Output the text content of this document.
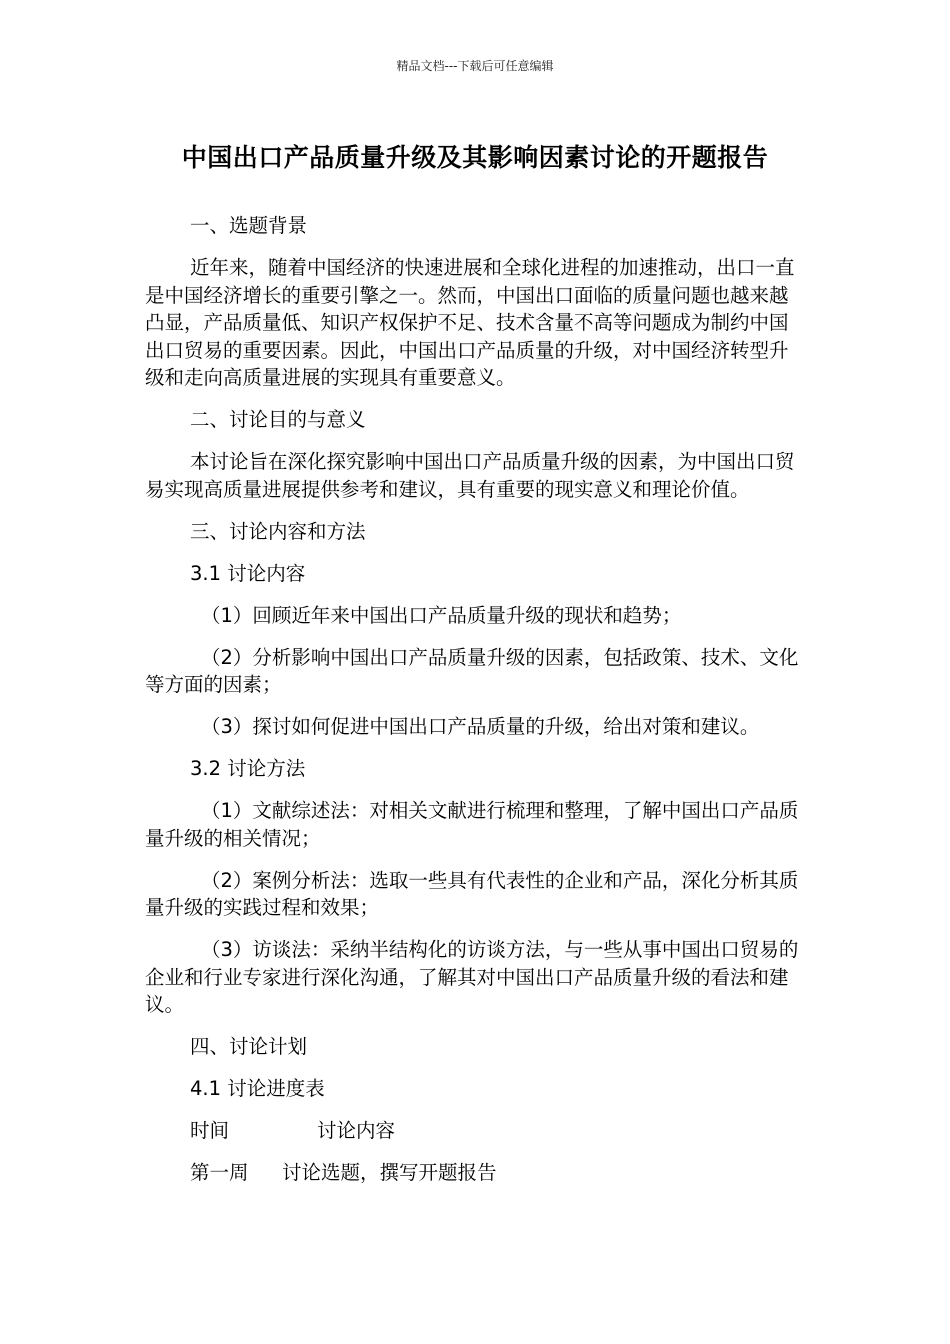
精品文档---下载后可任意编辑
中国出口产品质量升级及其影响因素讨论的开题报告

一、选题背景

近年来，随着中国经济的快速进展和全球化进程的加速推动，出口一直是中国经济增长的重要引擎之一。然而，中国出口面临的质量问题也越来越凸显，产品质量低、知识产权保护不足、技术含量不高等问题成为制约中国出口贸易的重要因素。因此，中国出口产品质量的升级，对中国经济转型升级和走向高质量进展的实现具有重要意义。

二、讨论目的与意义

本讨论旨在深化探究影响中国出口产品质量升级的因素，为中国出口贸易实现高质量进展提供参考和建议，具有重要的现实意义和理论价值。

三、讨论内容和方法

3.1 讨论内容

（1）回顾近年来中国出口产品质量升级的现状和趋势；

（2）分析影响中国出口产品质量升级的因素，包括政策、技术、文化等方面的因素；

（3）探讨如何促进中国出口产品质量的升级，给出对策和建议。

3.2 讨论方法

（1）文献综述法：对相关文献进行梳理和整理，了解中国出口产品质量升级的相关情况；

（2）案例分析法：选取一些具有代表性的企业和产品，深化分析其质量升级的实践过程和效果；

（3）访谈法：采纳半结构化的访谈方法，与一些从事中国出口贸易的企业和行业专家进行深化沟通，了解其对中国出口产品质量升级的看法和建议。

四、讨论计划

4.1 讨论进度表

时间	讨论内容
第一周 讨论选题，撰写开题报告
